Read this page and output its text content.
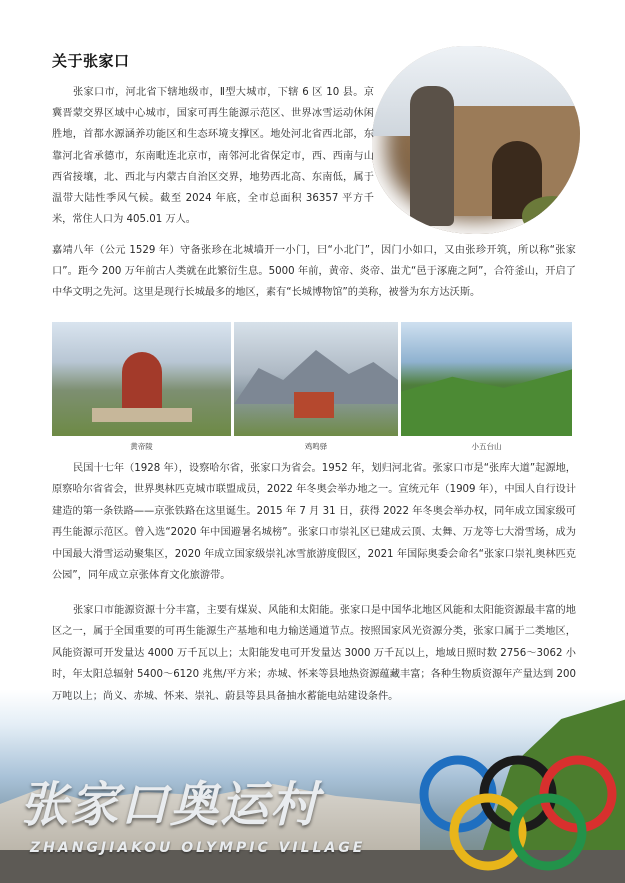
关于张家口

张家口市，河北省下辖地级市，Ⅱ型大城市，下辖 6 区 10 县。京冀晋蒙交界区域中心城市，国家可再生能源示范区、世界冰雪运动休闲胜地，首都水源涵养功能区和生态环境支撑区。地处河北省西北部，东靠河北省承德市，东南毗连北京市，南邻河北省保定市，西、西南与山西省接壤，北、西北与内蒙古自治区交界，地势西北高、东南低，属于温带大陆性季风气候。截至 2024 年底，全市总面积 36357 平方千米，常住人口为 405.01 万人。

嘉靖八年（公元 1529 年）守备张珍在北城墙开一小门，曰“小北门”，因门小如口，又由张珍开筑，所以称“张家口”。距今 200 万年前古人类就在此繁衍生息。5000 年前，黄帝、炎帝、蚩尤“邑于涿鹿之阿”，合符釜山，开启了中华文明之先河。这里是现行长城最多的地区，素有“长城博物馆”的美称，被誉为东方达沃斯。

黄帝陵	鸡鸣驿	小五台山

民国十七年（1928 年），设察哈尔省，张家口为省会。1952 年，划归河北省。张家口市是“张库大道”起源地，原察哈尔省省会，世界奥林匹克城市联盟成员，2022 年冬奥会举办地之一。宣统元年（1909 年），中国人自行设计建造的第一条铁路——京张铁路在这里诞生。2015 年 7 月 31 日，获得 2022 年冬奥会举办权，同年成立国家级可再生能源示范区。曾入选“2020 年中国避暑名城榜”。张家口市崇礼区已建成云顶、太舞、万龙等七大滑雪场，成为中国最大滑雪运动聚集区，2020 年成立国家级崇礼冰雪旅游度假区，2021 年国际奥委会命名“张家口崇礼奥林匹克公园”，同年成立京张体育文化旅游带。

张家口奥运村
ZHANGJIAKOU OLYMPIC VILLAGE

张家口市能源资源十分丰富，主要有煤炭、风能和太阳能。张家口是中国华北地区风能和太阳能资源最丰富的地区之一，属于全国重要的可再生能源生产基地和电力输送通道节点。按照国家风光资源分类，张家口属于二类地区，风能资源可开发量达 4000 万千瓦以上；太阳能发电可开发量达 3000 万千瓦以上，地域日照时数 2756～3062 小时，年太阳总辐射 5400～6120 兆焦/平方米；赤城、怀来等县地热资源蕴藏丰富；各种生物质资源年产量达到 200 万吨以上；尚义、赤城、怀来、崇礼、蔚县等县具备抽水蓄能电站建设条件。
